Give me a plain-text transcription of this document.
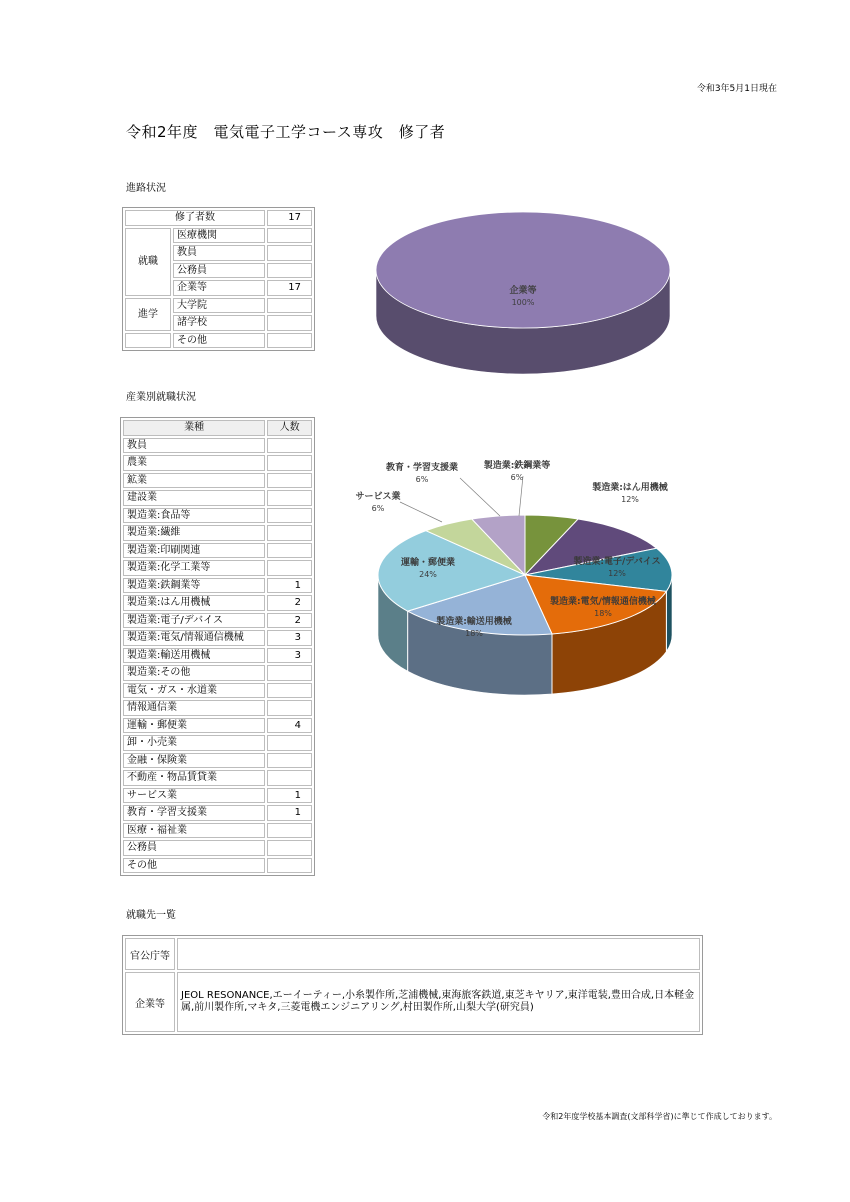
令和3年5月1日現在
令和2年度　電気電子工学コース専攻　修了者
進路状況
修了者数		17
就職	医療機関	
	教員	
	公務員	
	企業等	17
進学	大学院	
	諸学校	
	その他	
企業等
100%
産業別就職状況
業種	人数
教員	
農業	
鉱業	
建設業	
製造業:食品等	
製造業:繊維	
製造業:印刷関連	
製造業:化学工業等	
製造業:鉄鋼業等	1
製造業:はん用機械	2
製造業:電子/デバイス	2
製造業:電気/情報通信機械	3
製造業:輸送用機械	3
製造業:その他	
電気・ガス・水道業	
情報通信業	
運輸・郵便業	4
卸・小売業	
金融・保険業	
不動産・物品賃貸業	
サービス業	1
教育・学習支援業	1
医療・福祉業	
公務員	
その他	
製造業:鉄鋼業等
6%
製造業:はん用機械
12%
製造業:電子/デバイス
12%
製造業:電気/情報通信機械
18%
製造業:輸送用機械
18%
運輸・郵便業
24%
サービス業
6%
教育・学習支援業
6%
就職先一覧
官公庁等	
企業等	JEOL RESONANCE,エーイーティー,小糸製作所,芝浦機械,東海旅客鉄道,東芝キヤリア,東洋電装,豊田合成,日本軽金属,前川製作所,マキタ,三菱電機エンジニアリング,村田製作所,山梨大学(研究員)
令和2年度学校基本調査(文部科学省)に準じて作成しております。
